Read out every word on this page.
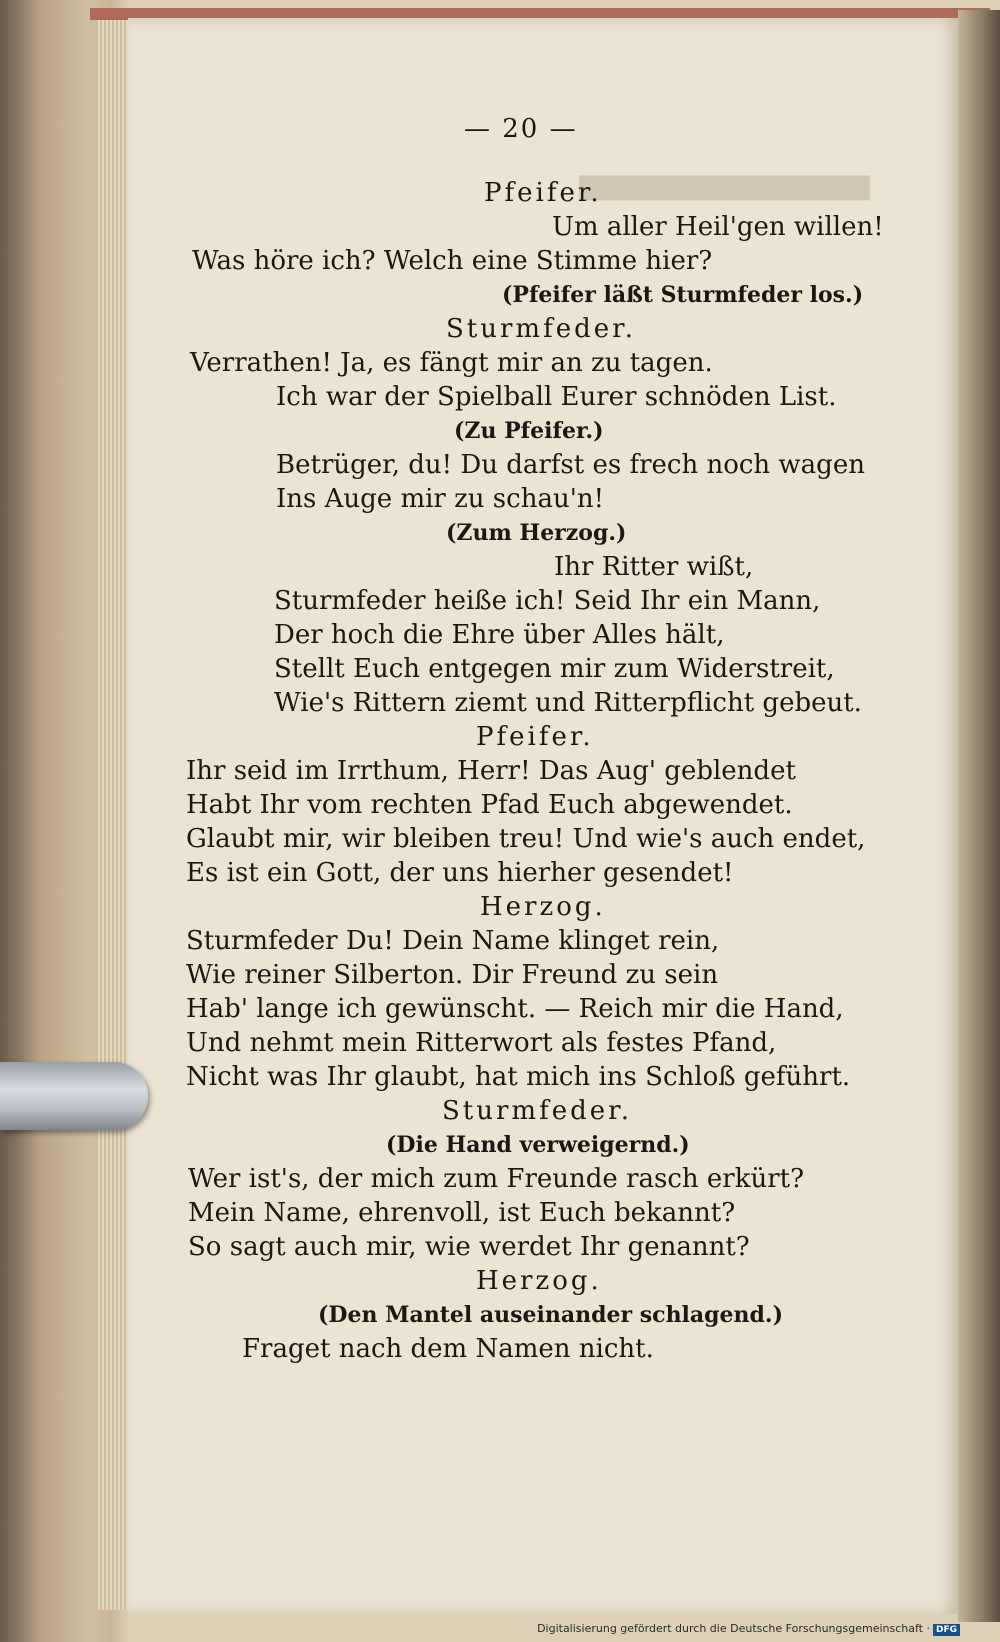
██████████████████

— 20 —
Pfeifer.
Um aller Heil'gen willen!
Was höre ich? Welch eine Stimme hier?
(Pfeifer läßt Sturmfeder los.)
Sturmfeder.
Verrathen! Ja, es fängt mir an zu tagen.
Ich war der Spielball Eurer schnöden List.
(Zu Pfeifer.)
Betrüger, du! Du darfst es frech noch wagen
Ins Auge mir zu schau'n!
(Zum Herzog.)
Ihr Ritter wißt,
Sturmfeder heiße ich! Seid Ihr ein Mann,
Der hoch die Ehre über Alles hält,
Stellt Euch entgegen mir zum Widerstreit,
Wie's Rittern ziemt und Ritterpflicht gebeut.
Pfeifer.
Ihr seid im Irrthum, Herr! Das Aug' geblendet
Habt Ihr vom rechten Pfad Euch abgewendet.
Glaubt mir, wir bleiben treu! Und wie's auch endet,
Es ist ein Gott, der uns hierher gesendet!
Herzog.
Sturmfeder Du! Dein Name klinget rein,
Wie reiner Silberton. Dir Freund zu sein
Hab' lange ich gewünscht. — Reich mir die Hand,
Und nehmt mein Ritterwort als festes Pfand,
Nicht was Ihr glaubt, hat mich ins Schloß geführt.
Sturmfeder.
(Die Hand verweigernd.)
Wer ist's, der mich zum Freunde rasch erkürt?
Mein Name, ehrenvoll, ist Euch bekannt?
So sagt auch mir, wie werdet Ihr genannt?
Herzog.
(Den Mantel auseinander schlagend.)
Fraget nach dem Namen nicht.
Digitalisierung gefördert durch die Deutsche Forschungsgemeinschaft · DFG
